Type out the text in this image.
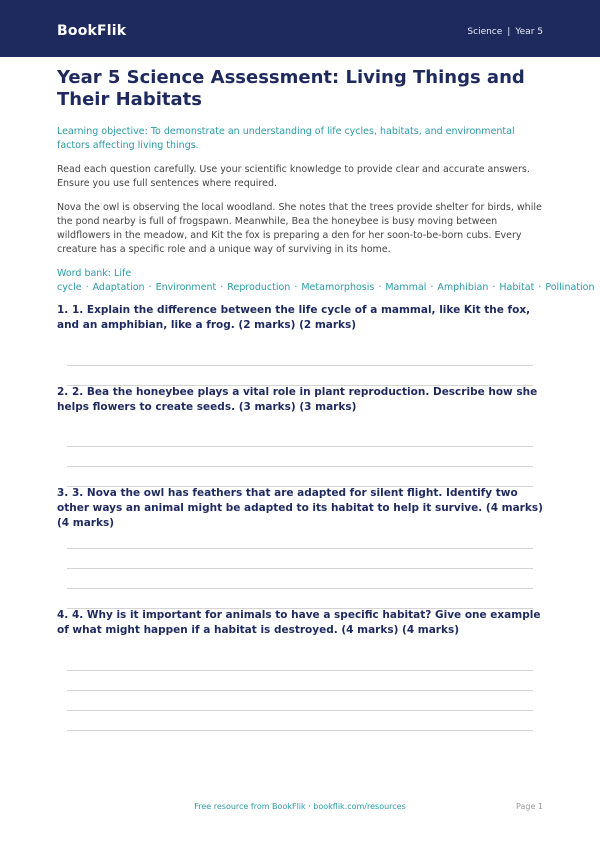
BookFlik	Science | Year 5
Year 5 Science Assessment: Living Things and Their Habitats

Learning objective: To demonstrate an understanding of life cycles, habitats, and environmental factors affecting living things.

Read each question carefully. Use your scientific knowledge to provide clear and accurate answers. Ensure you use full sentences where required.

Nova the owl is observing the local woodland. She notes that the trees provide shelter for birds, while the pond nearby is full of frogspawn. Meanwhile, Bea the honeybee is busy moving between wildflowers in the meadow, and Kit the fox is preparing a den for her soon-to-be-born cubs. Every creature has a specific role and a unique way of surviving in its home.

Word bank: Life cycle · Adaptation · Environment · Reproduction · Metamorphosis · Mammal · Amphibian · Habitat · Pollination

1. 1. Explain the difference between the life cycle of a mammal, like Kit the fox, and an amphibian, like a frog. (2 marks) (2 marks)
2. 2. Bea the honeybee plays a vital role in plant reproduction. Describe how she helps flowers to create seeds. (3 marks) (3 marks)
3. 3. Nova the owl has feathers that are adapted for silent flight. Identify two other ways an animal might be adapted to its habitat to help it survive. (4 marks) (4 marks)
4. 4. Why is it important for animals to have a specific habitat? Give one example of what might happen if a habitat is destroyed. (4 marks) (4 marks)
Free resource from BookFlik · bookflik.com/resources	Page 1
